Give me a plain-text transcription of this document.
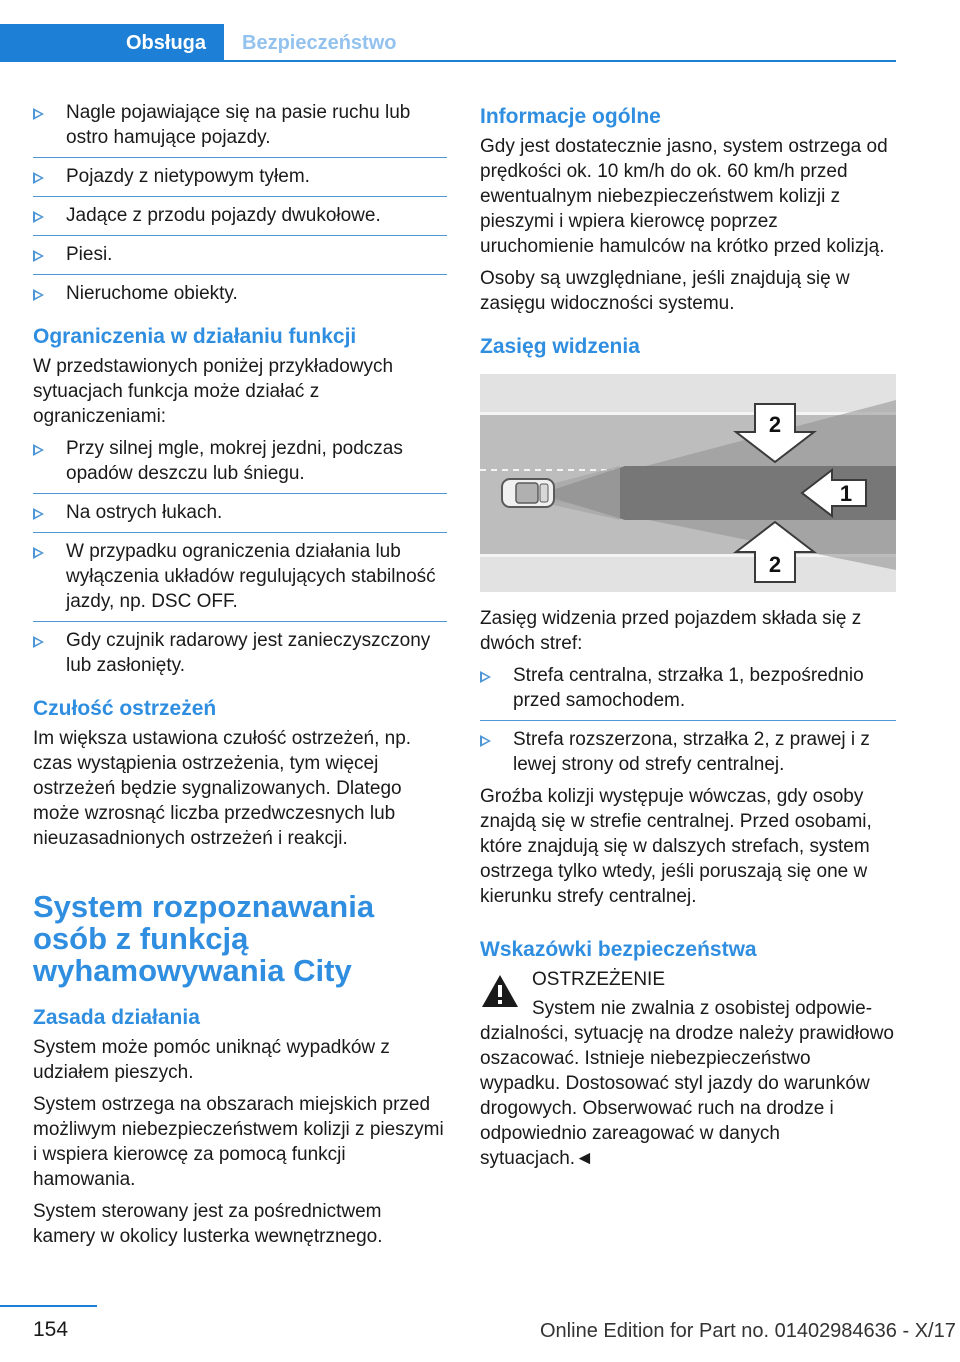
Obsługa	Bezpieczeństwo
Nagle pojawiające się na pasie ruchu lub ostro hamujące pojazdy.
Pojazdy z nietypowym tyłem.
Jadące z przodu pojazdy dwukołowe.
Piesi.
Nieruchome obiekty.
Ograniczenia w działaniu funkcji

W przedstawionych poniżej przykładowych sytuacjach funkcja może działać z ograniczeniami:

Przy silnej mgle, mokrej jezdni, podczas opadów deszczu lub śniegu.
Na ostrych łukach.
W przypadku ograniczenia działania lub wyłączenia układów regulujących stabilność jazdy, np. DSC OFF.
Gdy czujnik radarowy jest zanieczyszczony lub zasłonięty.
Czułość ostrzeżeń

Im większa ustawiona czułość ostrzeżeń, np. czas wystąpienia ostrzeżenia, tym więcej ostrzeżeń będzie sygnalizowanych. Dlatego może wzrosnąć liczba przedwczesnych lub nieuzasadnionych ostrzeżeń i reakcji.

System rozpoznawania osób z funkcją wyhamowywania City
Zasada działania

System może pomóc uniknąć wypadków z udziałem pieszych.

System ostrzega na obszarach miejskich przed możliwym niebezpieczeństwem kolizji z pieszymi i wspiera kierowcę za pomocą funkcji hamowania.

System sterowany jest za pośrednictwem kamery w okolicy lusterka wewnętrznego.

Informacje ogólne

Gdy jest dostatecznie jasno, system ostrzega od prędkości ok. 10 km/h do ok. 60 km/h przed ewentualnym niebezpieczeństwem kolizji z pieszymi i wpiera kierowcę poprzez uruchomienie hamulców na krótko przed kolizją.

Osoby są uwzględniane, jeśli znajdują się w zasięgu widoczności systemu.

Zasięg widzenia
2
1
2

Zasięg widzenia przed pojazdem składa się z dwóch stref:

Strefa centralna, strzałka 1, bezpośrednio przed samochodem.
Strefa rozszerzona, strzałka 2, z prawej i z lewej strony od strefy centralnej.

Groźba kolizji występuje wówczas, gdy osoby znajdą się w strefie centralnej. Przed osobami, które znajdują się w dalszych strefach, system ostrzega tylko wtedy, jeśli poruszają się one w kierunku strefy centralnej.

Wskazówki bezpieczeństwa

OSTRZEŻENIE

System nie zwalnia z osobistej odpowie-
dzialności, sytuację na drodze należy prawidłowo oszacować. Istnieje niebezpieczeństwo wypadku. Dostosować styl jazdy do warunków drogowych. Obserwować ruch na drodze i odpowiednio zareagować w danych sytuacjach.◄

154	Online Edition for Part no. 01402984636 - X/17
